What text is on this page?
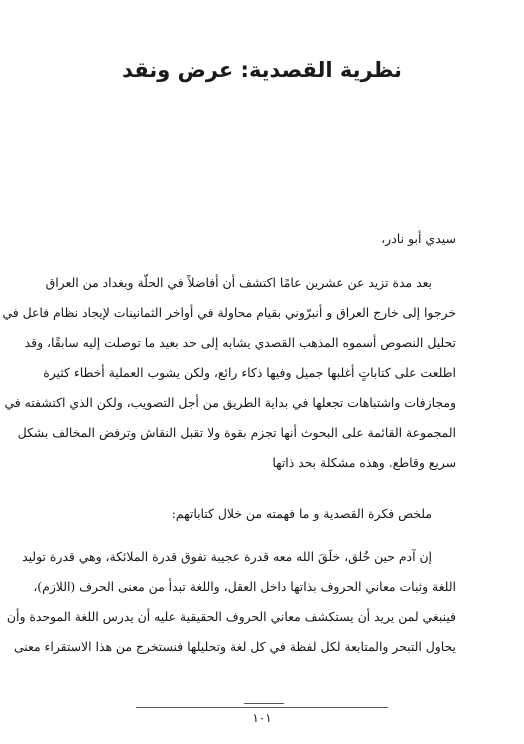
نظرية القصدية: عرض ونقد
سيدي أبو نادر،
بعد مدة تزيد عن عشرين عامًا اكتشف أن أفاضلاً في الحلّة وبغداد من العراق
خرجوا إلى خارج العراق و أنبرّوني بقيام محاولة في أواخر الثمانينات لإيجاد نظام فاعل في
تحليل النصوص أسموه المذهب القصدي يشابه إلى حد بعيد ما توصلت إليه سابقًا، وقد
اطلعت على كتاباتٍ أغلبها جميل وفيها ذكاء رائع، ولكن يشوب العملية أخطاء كثيرة
ومجازفات واشتباهات تجعلها في بداية الطريق من أجل التصويب، ولكن الذي اكتشفته في
المجموعة القائمة على البحوث أنها تجزم بقوة ولا تقبل النقاش وترفض المخالف بشكل
سريع وقاطع. وهذه مشكلة بحد ذاتها
ملخص فكرة القصدية و ما فهمته من خلال كتاباتهم:
إن آدم حين خُلق، خلَقَ الله معه قدرة عجيبة تفوق قدرة الملائكة، وهي قدرة توليد
اللغة وثبات معاني الحروف بذاتها داخل العقل، واللغة تبدأ من معنى الحرف (اللازم)،
فينبغي لمن يريد أن يستكشف معاني الحروف الحقيقية عليه أن يدرس اللغة الموحدة وأن
يحاول التبحر والمتابعة لكل لفظة في كل لغة وتحليلها فنستخرج من هذا الاستقراء معنى
١٠١
